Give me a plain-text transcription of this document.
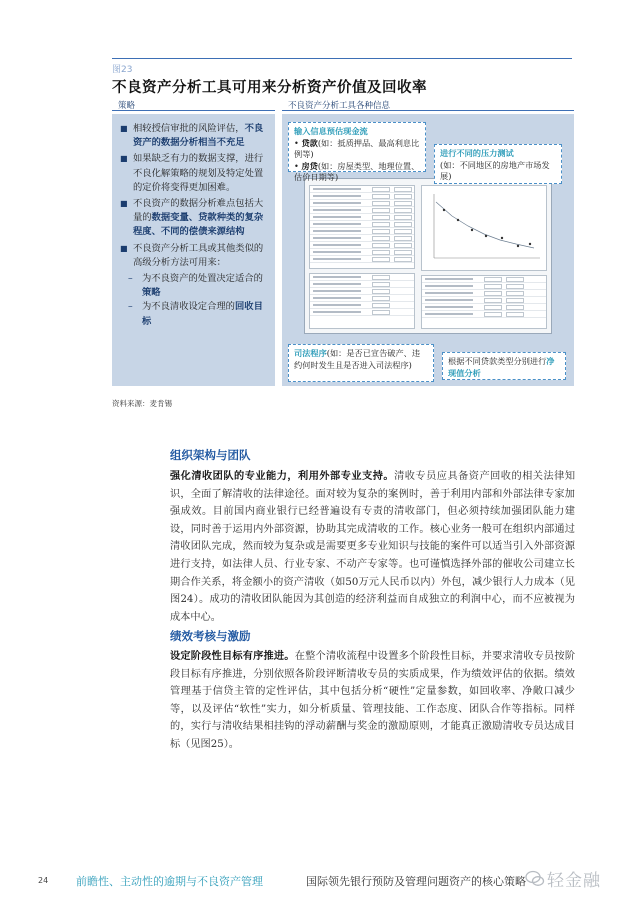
图23
不良资产分析工具可用来分析资产价值及回收率
策略	不良资产分析工具各种信息
■ 相较授信审批的风险评估，不良资产的数据分析相当不充足
■ 如果缺乏有力的数据支撑，进行不良化解策略的规划及特定处置的定价将变得更加困难。
■ 不良资产的数据分析难点包括大量的数据变量、贷款种类的复杂程度、不同的偿债来源结构
■ 不良资产分析工具或其他类似的高级分析方法可用来：
– 为不良资产的处置决定适合的策略
– 为不良清收设定合理的回收目标
输入信息预估现金流
• 贷款(如：抵质押品、最高利息比例等)
• 房贷(如：房屋类型、地理位置、估价日期等)
进行不同的压力测试
(如：不同地区的房地产市场发展)
司法程序(如：是否已宣告破产、违约何时发生且是否进入司法程序)	根据不同贷款类型分别进行净现值分析
资料来源：麦肯锡
组织架构与团队
强化清收团队的专业能力，利用外部专业支持。清收专员应具备资产回收的相关法律知识，全面了解清收的法律途径。面对较为复杂的案例时，善于利用内部和外部法律专家加强成效。目前国内商业银行已经普遍设有专责的清收部门，但必须持续加强团队能力建设，同时善于运用内外部资源，协助其完成清收的工作。核心业务一般可在组织内部通过清收团队完成，然而较为复杂或是需要更多专业知识与技能的案件可以适当引入外部资源进行支持，如法律人员、行业专家、不动产专家等。也可谨慎选择外部的催收公司建立长期合作关系，将金额小的资产清收（如50万元人民币以内）外包，减少银行人力成本（见图24）。成功的清收团队能因为其创造的经济利益而自成独立的利润中心，而不应被视为成本中心。
绩效考核与激励
设定阶段性目标有序推进。在整个清收流程中设置多个阶段性目标，并要求清收专员按阶段目标有序推进，分别依照各阶段评断清收专员的实质成果，作为绩效评估的依据。绩效管理基于信贷主管的定性评估，其中包括分析“硬性”定量参数，如回收率、净敞口减少等，以及评估“软性”实力，如分析质量、管理技能、工作态度、团队合作等指标。同样的，实行与清收结果相挂钩的浮动薪酬与奖金的激励原则，才能真正激励清收专员达成目标（见图25）。
24	前瞻性、主动性的逾期与不良资产管理	国际领先银行预防及管理问题资产的核心策略 轻金融
